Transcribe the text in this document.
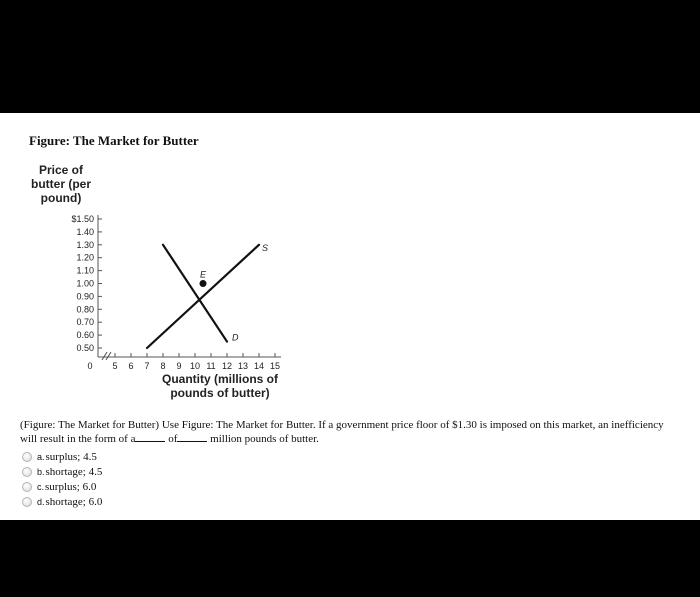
Figure: The Market for Butter
Price of
butter (per
pound)
0.50
0.60
0.70
0.80
0.90
1.00
1.10
1.20
1.30
1.40
$1.50
0 5 6 7 8 9 10 11 12 13 14 15
S
D
E
Quantity (millions of
pounds of butter)
(Figure: The Market for Butter) Use Figure: The Market for Butter. If a government price floor of $1.30 is imposed on this market, an inefficiency
will result in the form of a	of	million pounds of butter.
a. surplus; 4.5
b. shortage; 4.5
c. surplus; 6.0
d. shortage; 6.0
